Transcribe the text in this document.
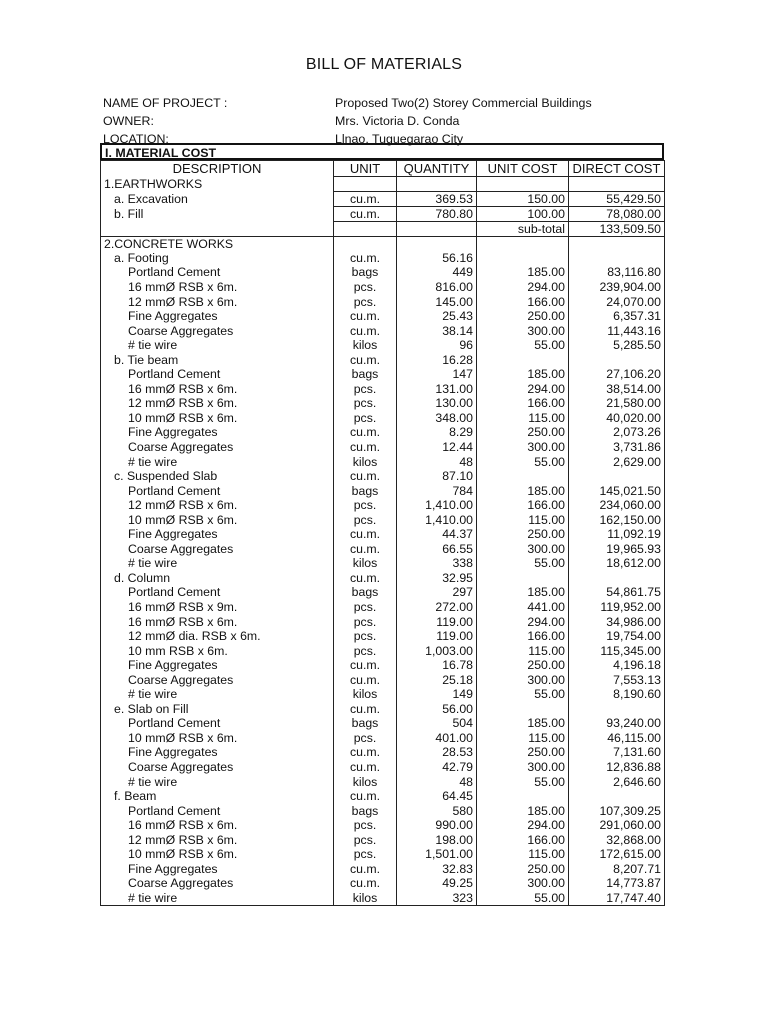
BILL OF MATERIALS
NAME OF PROJECT :	Proposed Two(2) Storey Commercial Buildings
OWNER:	Mrs. Victoria D. Conda
LOCATION:	Llnao, Tuguegarao City
I. MATERIAL COST
DESCRIPTION	UNIT	QUANTITY	UNIT COST	DIRECT COST
1.EARTHWORKS				
a. Excavation	cu.m.	369.53	150.00	55,429.50
b. Fill	cu.m.	780.80	100.00	78,080.00
			sub-total	133,509.50
2.CONCRETE WORKS				
a. Footing	cu.m.	56.16		
Portland Cement	bags	449	185.00	83,116.80
16 mmØ RSB x 6m.	pcs.	816.00	294.00	239,904.00
12 mmØ RSB x 6m.	pcs.	145.00	166.00	24,070.00
Fine Aggregates	cu.m.	25.43	250.00	6,357.31
Coarse Aggregates	cu.m.	38.14	300.00	11,443.16
# tie wire	kilos	96	55.00	5,285.50
b. Tie beam	cu.m.	16.28		
Portland Cement	bags	147	185.00	27,106.20
16 mmØ RSB x 6m.	pcs.	131.00	294.00	38,514.00
12 mmØ RSB x 6m.	pcs.	130.00	166.00	21,580.00
10 mmØ RSB x 6m.	pcs.	348.00	115.00	40,020.00
Fine Aggregates	cu.m.	8.29	250.00	2,073.26
Coarse Aggregates	cu.m.	12.44	300.00	3,731.86
# tie wire	kilos	48	55.00	2,629.00
c. Suspended Slab	cu.m.	87.10		
Portland Cement	bags	784	185.00	145,021.50
12 mmØ RSB x 6m.	pcs.	1,410.00	166.00	234,060.00
10 mmØ RSB x 6m.	pcs.	1,410.00	115.00	162,150.00
Fine Aggregates	cu.m.	44.37	250.00	11,092.19
Coarse Aggregates	cu.m.	66.55	300.00	19,965.93
# tie wire	kilos	338	55.00	18,612.00
d. Column	cu.m.	32.95		
Portland Cement	bags	297	185.00	54,861.75
16 mmØ RSB x 9m.	pcs.	272.00	441.00	119,952.00
16 mmØ RSB x 6m.	pcs.	119.00	294.00	34,986.00
12 mmØ dia. RSB x 6m.	pcs.	119.00	166.00	19,754.00
10 mm RSB x 6m.	pcs.	1,003.00	115.00	115,345.00
Fine Aggregates	cu.m.	16.78	250.00	4,196.18
Coarse Aggregates	cu.m.	25.18	300.00	7,553.13
# tie wire	kilos	149	55.00	8,190.60
e. Slab on Fill	cu.m.	56.00		
Portland Cement	bags	504	185.00	93,240.00
10 mmØ RSB x 6m.	pcs.	401.00	115.00	46,115.00
Fine Aggregates	cu.m.	28.53	250.00	7,131.60
Coarse Aggregates	cu.m.	42.79	300.00	12,836.88
# tie wire	kilos	48	55.00	2,646.60
f. Beam	cu.m.	64.45		
Portland Cement	bags	580	185.00	107,309.25
16 mmØ RSB x 6m.	pcs.	990.00	294.00	291,060.00
12 mmØ RSB x 6m.	pcs.	198.00	166.00	32,868.00
10 mmØ RSB x 6m.	pcs.	1,501.00	115.00	172,615.00
Fine Aggregates	cu.m.	32.83	250.00	8,207.71
Coarse Aggregates	cu.m.	49.25	300.00	14,773.87
# tie wire	kilos	323	55.00	17,747.40
